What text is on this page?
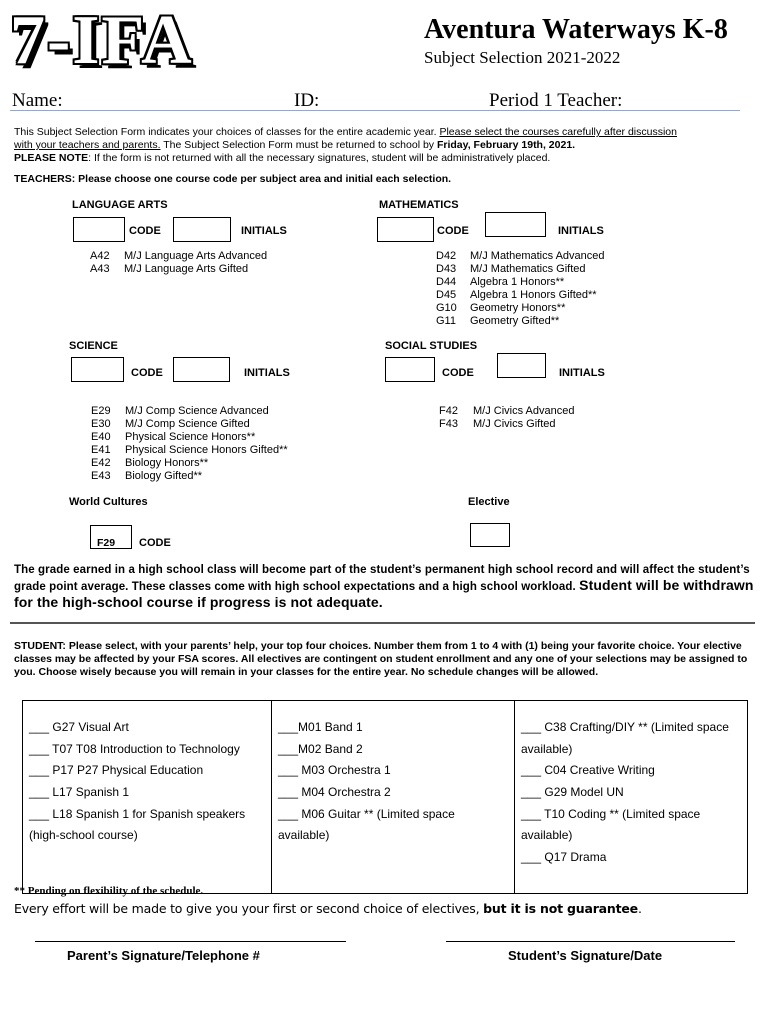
7-IFA	Aventura Waterways K-8
Subject Selection 2021-2022
Name:	ID:	Period 1 Teacher:
This Subject Selection Form indicates your choices of classes for the entire academic year. Please select the courses carefully after discussion
with your teachers and parents. The Subject Selection Form must be returned to school by Friday, February 19th, 2021.
PLEASE NOTE: If the form is not returned with all the necessary signatures, student will be administratively placed.
TEACHERS: Please choose one course code per subject area and initial each selection.
LANGUAGE ARTS
CODE	INITIALS
A42	M/J Language Arts Advanced
A43	M/J Language Arts Gifted
MATHEMATICS
CODE	INITIALS
D42	M/J Mathematics Advanced
D43	M/J Mathematics Gifted
D44	Algebra 1 Honors**
D45	Algebra 1 Honors Gifted**
G10	Geometry Honors**
G11	Geometry Gifted**
SCIENCE
CODE	INITIALS
E29	M/J Comp Science Advanced
E30	M/J Comp Science Gifted
E40	Physical Science Honors**
E41	Physical Science Honors Gifted**
E42	Biology Honors**
E43	Biology Gifted**
SOCIAL STUDIES
CODE	INITIALS
F42	M/J Civics Advanced
F43	M/J Civics Gifted
World Cultures
F29 CODE
Elective
The grade earned in a high school class will become part of the student’s permanent high school record and will affect the student’s grade point average. These classes come with high school expectations and a high school workload. Student will be withdrawn for the high-school course if progress is not adequate.
STUDENT: Please select, with your parents’ help, your top four choices. Number them from 1 to 4 with (1) being your favorite choice. Your elective classes may be affected by your FSA scores. All electives are contingent on student enrollment and any one of your selections may be assigned to you. Choose wisely because you will remain in your classes for the entire year. No schedule changes will be allowed.
___ G27 Visual Art
___ T07 T08 Introduction to Technology
___ P17 P27 Physical Education
___ L17 Spanish 1
___ L18 Spanish 1 for Spanish speakers
(high-school course)

___M01 Band 1
___M02 Band 2
___ M03 Orchestra 1
___ M04 Orchestra 2
___ M06 Guitar ** (Limited space
available)

___ C38 Crafting/DIY ** (Limited space
available)
___ C04 Creative Writing
___ G29 Model UN
___ T10 Coding ** (Limited space
available)
___ Q17 Drama
** Pending on flexibility of the schedule.
Every effort will be made to give you your first or second choice of electives, but it is not guarantee.
Parent’s Signature/Telephone #	Student’s Signature/Date
